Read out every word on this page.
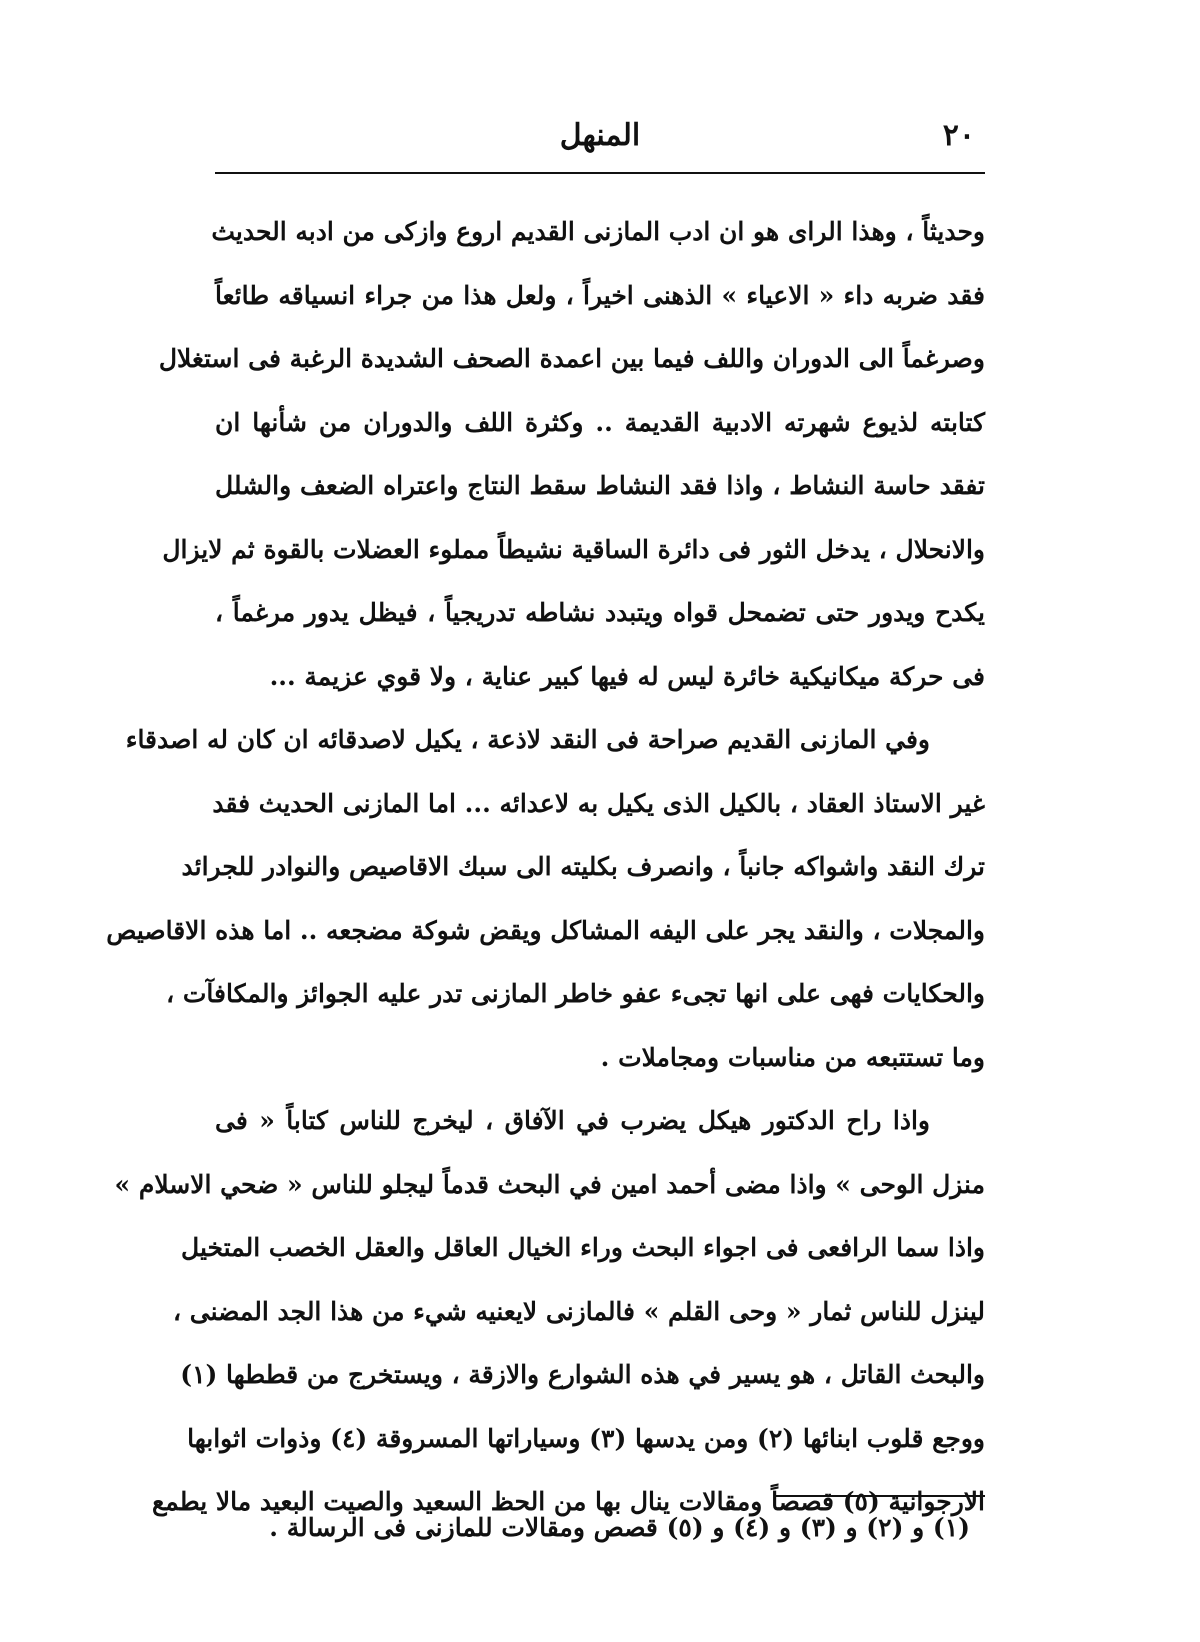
٢٠
المنهل

وحديثاً ، وهذا الراى هو ان ادب المازنى القديم اروع وازكى من ادبه الحديث
فقد ضربه داء « الاعياء » الذهنى اخيراً ، ولعل هذا من جراء انسياقه طائعاً
وصرغماً الى الدوران واللف فيما بين اعمدة الصحف الشديدة الرغبة فى استغلال
كتابته لذيوع شهرته الادبية القديمة .. وكثرة اللف والدوران من شأنها ان
تفقد حاسة النشاط ، واذا فقد النشاط سقط النتاج واعتراه الضعف والشلل
والانحلال ، يدخل الثور فى دائرة الساقية نشيطاً مملوء العضلات بالقوة ثم لايزال
يكدح ويدور حتى تضمحل قواه ويتبدد نشاطه تدريجياً ، فيظل يدور مرغماً ،
فى حركة ميكانيكية خائرة ليس له فيها كبير عناية ، ولا قوي عزيمة ...

وفي المازنى القديم صراحة فى النقد لاذعة ، يكيل لاصدقائه ان كان له اصدقاء
غير الاستاذ العقاد ، بالكيل الذى يكيل به لاعدائه ... اما المازنى الحديث فقد
ترك النقد واشواكه جانباً ، وانصرف بكليته الى سبك الاقاصيص والنوادر للجرائد
والمجلات ، والنقد يجر على اليفه المشاكل ويقض شوكة مضجعه .. اما هذه الاقاصيص
والحكايات فهى على انها تجىء عفو خاطر المازنى تدر عليه الجوائز والمكافآت ،
وما تستتبعه من مناسبات ومجاملات .

واذا راح الدكتور هيكل يضرب في الآفاق ، ليخرج للناس كتاباً « فى
منزل الوحى » واذا مضى أحمد امين في البحث قدماً ليجلو للناس « ضحي الاسلام »
واذا سما الرافعى فى اجواء البحث وراء الخيال العاقل والعقل الخصب المتخيل
لينزل للناس ثمار « وحى القلم » فالمازنى لايعنيه شيء من هذا الجد المضنى ،
والبحث القاتل ، هو يسير في هذه الشوارع والازقة ، ويستخرج من قططها (١)
ووجع قلوب ابنائها (٢) ومن يدسها (٣) وسياراتها المسروقة (٤) وذوات اثوابها
الارجوانية (٥) قصصاً ومقالات ينال بها من الحظ السعيد والصيت البعيد مالا يطمع

(١) و (٢) و (٣) و (٤) و (٥) قصص ومقالات للمازنى فى الرسالة .
